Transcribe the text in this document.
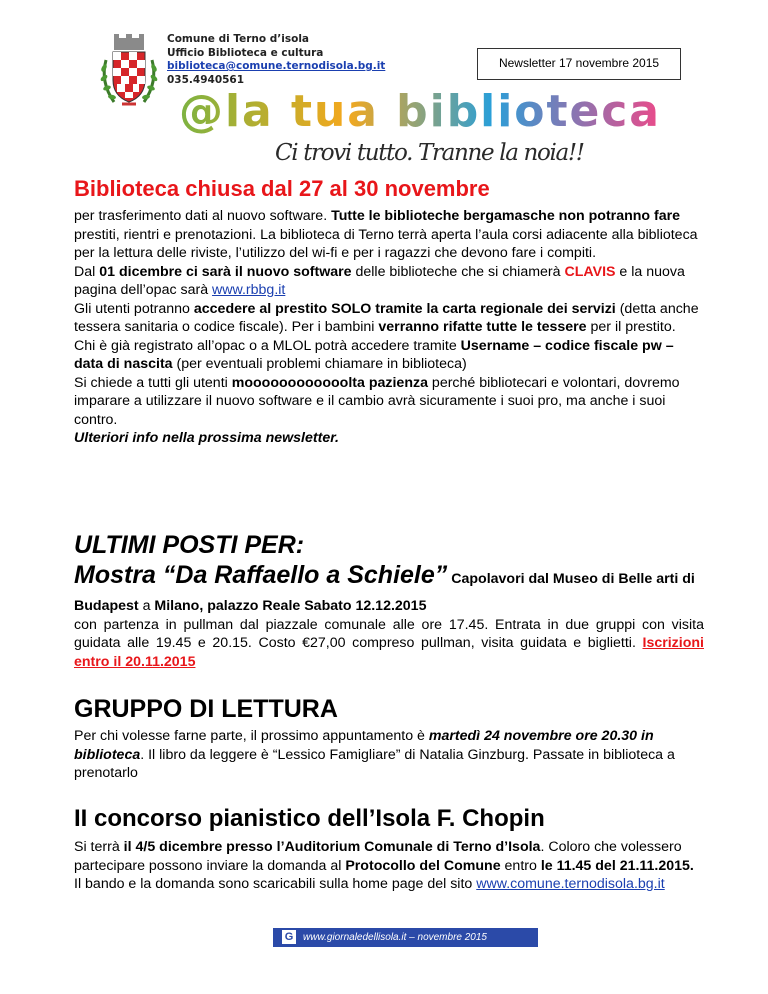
Comune di Terno d’isola
Ufficio Biblioteca e cultura
biblioteca@comune.ternodisola.bg.it
035.4940561
Newsletter 17 novembre 2015
@la tua biblioteca
Ci trovi tutto. Tranne la noia!!
Biblioteca chiusa dal 27 al 30 novembre

per trasferimento dati al nuovo software. Tutte le biblioteche bergamasche non potranno fare prestiti, rientri e prenotazioni. La biblioteca di Terno terrà aperta l’aula corsi adiacente alla biblioteca per la lettura delle riviste, l’utilizzo del wi-fi e per i ragazzi che devono fare i compiti.

Dal 01 dicembre ci sarà il nuovo software delle biblioteche che si chiamerà CLAVIS e la nuova pagina dell’opac sarà www.rbbg.it

Gli utenti potranno accedere al prestito SOLO tramite la carta regionale dei servizi (detta anche tessera sanitaria o codice fiscale). Per i bambini verranno rifatte tutte le tessere per il prestito.

Chi è già registrato all’opac o a MLOL potrà accedere tramite Username – codice fiscale pw – data di nascita (per eventuali problemi chiamare in biblioteca)

Si chiede a tutti gli utenti moooooooooooolta pazienza perché bibliotecari e volontari, dovremo imparare a utilizzare il nuovo software e il cambio avrà sicuramente i suoi pro, ma anche i suoi contro.

Ulteriori info nella prossima newsletter.

ULTIMI POSTI PER:

Mostra “Da Raffaello a Schiele” Capolavori dal Museo di Belle arti di

Budapest a Milano, palazzo Reale Sabato 12.12.2015

con partenza in pullman dal piazzale comunale alle ore 17.45. Entrata in due gruppi con visita guidata alle 19.45 e 20.15. Costo €27,00 compreso pullman, visita guidata e biglietti. Iscrizioni entro il 20.11.2015

GRUPPO DI LETTURA

Per chi volesse farne parte, il prossimo appuntamento è martedì 24 novembre ore 20.30 in biblioteca. Il libro da leggere è “Lessico Famigliare” di Natalia Ginzburg. Passate in biblioteca a prenotarlo

II concorso pianistico dell’Isola F. Chopin

Si terrà il 4/5 dicembre presso l’Auditorium Comunale di Terno d’Isola. Coloro che volessero partecipare possono inviare la domanda al Protocollo del Comune entro le 11.45 del 21.11.2015. Il bando e la domanda sono scaricabili sulla home page del sito www.comune.ternodisola.bg.it

G www.giornaledellisola.it – novembre 2015
